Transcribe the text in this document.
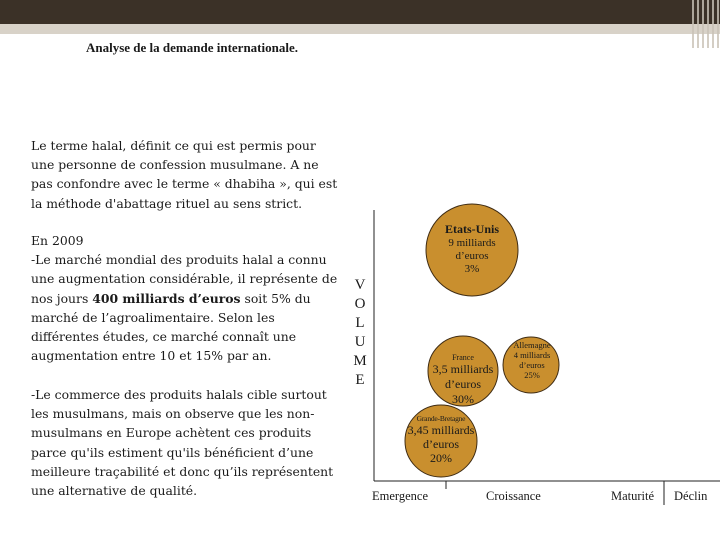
Analyse de la demande internationale.

Le terme halal, définit ce qui est permis pour une personne de confession musulmane. A ne pas confondre avec le terme « dhabiha », qui est la méthode d'abattage rituel au sens strict.

En 2009
-Le marché mondial des produits halal a connu une augmentation considérable, il représente de nos jours 400 milliards d’euros soit 5% du marché de l’agroalimentaire. Selon les différentes études, ce marché connaît une augmentation entre 10 et 15% par an.

-Le commerce des produits halals cible surtout les musulmans, mais on observe que les non-musulmans en Europe achètent ces produits parce qu'ils estiment qu'ils bénéficient d’une meilleure traçabilité et donc qu’ils représentent une alternative de qualité.

V
O
L
U
M
E
Etats-Unis
9 milliards d’euros
3%
Allemagne
4 milliards d’euros
25%
France
3,5 milliards d’euros
30%
Grande-Bretagne
3,45 milliards d’euros
20%
Emergence	Croissance	Maturité Déclin
